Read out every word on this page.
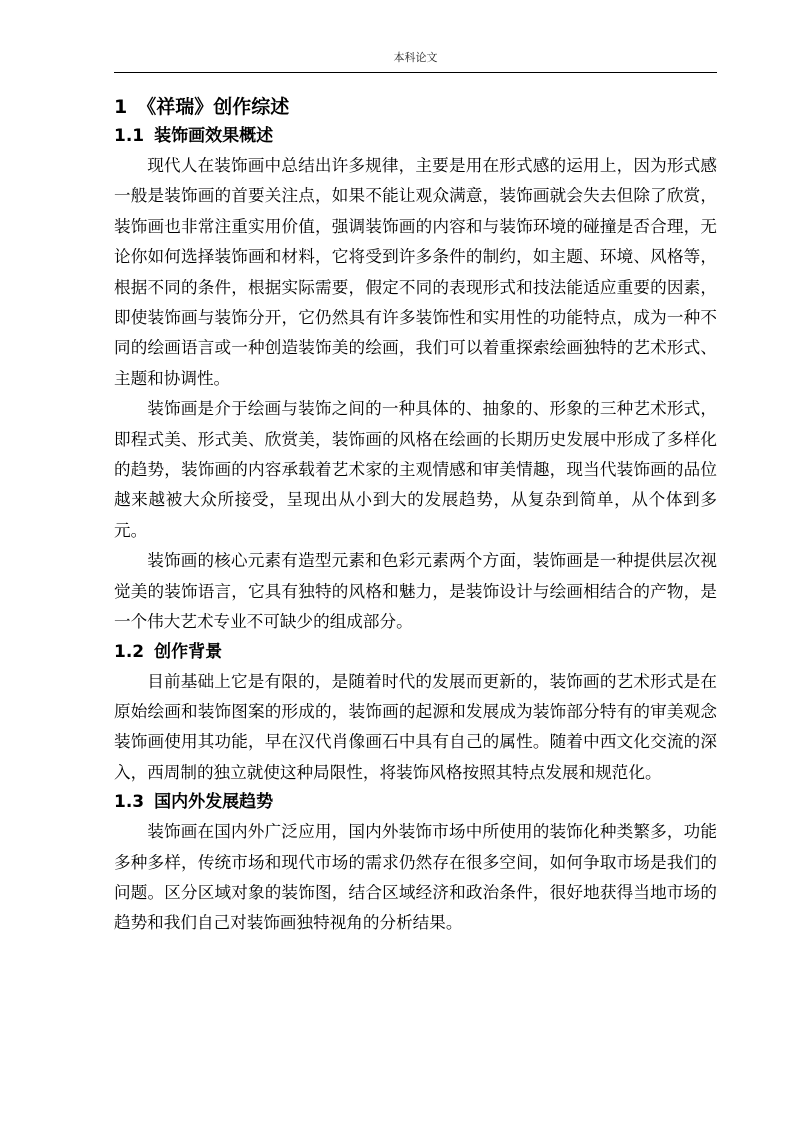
本科论文
1 《祥瑞》创作综述
1.1 装饰画效果概述

现代人在装饰画中总结出许多规律，主要是用在形式感的运用上，因为形式感一般是装饰画的首要关注点，如果不能让观众满意，装饰画就会失去但除了欣赏，装饰画也非常注重实用价值，强调装饰画的内容和与装饰环境的碰撞是否合理，无论你如何选择装饰画和材料，它将受到许多条件的制约，如主题、环境、风格等，根据不同的条件，根据实际需要，假定不同的表现形式和技法能适应重要的因素，即使装饰画与装饰分开，它仍然具有许多装饰性和实用性的功能特点，成为一种不同的绘画语言或一种创造装饰美的绘画，我们可以着重探索绘画独特的艺术形式、主题和协调性。

装饰画是介于绘画与装饰之间的一种具体的、抽象的、形象的三种艺术形式，即程式美、形式美、欣赏美，装饰画的风格在绘画的长期历史发展中形成了多样化的趋势，装饰画的内容承载着艺术家的主观情感和审美情趣，现当代装饰画的品位越来越被大众所接受，呈现出从小到大的发展趋势，从复杂到简单，从个体到多元。

装饰画的核心元素有造型元素和色彩元素两个方面，装饰画是一种提供层次视觉美的装饰语言，它具有独特的风格和魅力，是装饰设计与绘画相结合的产物，是一个伟大艺术专业不可缺少的组成部分。

1.2 创作背景

目前基础上它是有限的，是随着时代的发展而更新的，装饰画的艺术形式是在原始绘画和装饰图案的形成的，装饰画的起源和发展成为装饰部分特有的审美观念装饰画使用其功能，早在汉代肖像画石中具有自己的属性。随着中西文化交流的深入，西周制的独立就使这种局限性，将装饰风格按照其特点发展和规范化。

1.3 国内外发展趋势

装饰画在国内外广泛应用，国内外装饰市场中所使用的装饰化种类繁多，功能多种多样，传统市场和现代市场的需求仍然存在很多空间，如何争取市场是我们的问题。区分区域对象的装饰图，结合区域经济和政治条件，很好地获得当地市场的趋势和我们自己对装饰画独特视角的分析结果。
